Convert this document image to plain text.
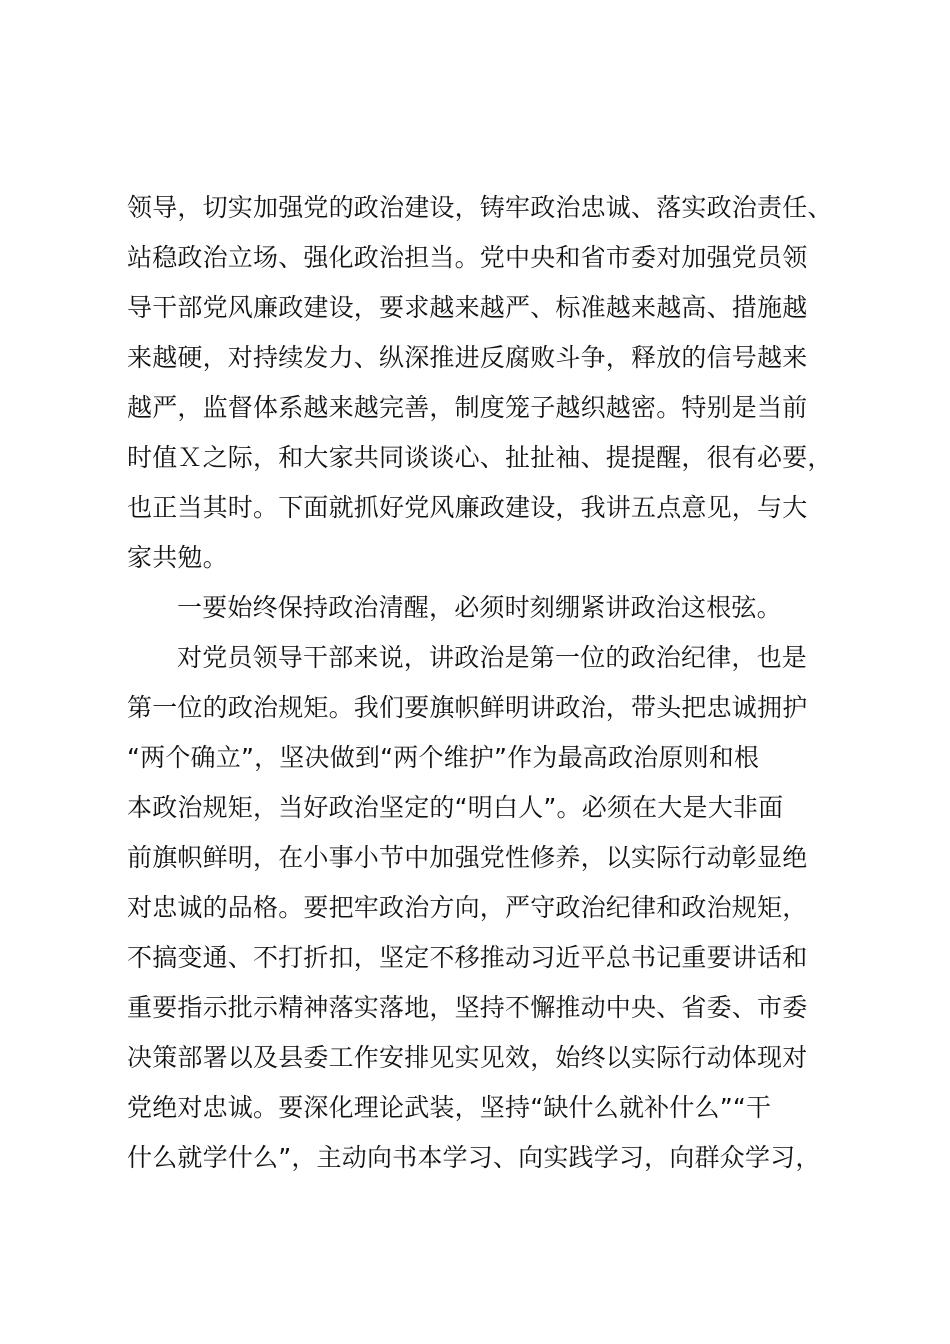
领导，切实加强党的政治建设，铸牢政治忠诚、落实政治责任、
站稳政治立场、强化政治担当。党中央和省市委对加强党员领
导干部党风廉政建设，要求越来越严、标准越来越高、措施越
来越硬，对持续发力、纵深推进反腐败斗争，释放的信号越来
越严，监督体系越来越完善，制度笼子越织越密。特别是当前
时值Ｘ之际，和大家共同谈谈心、扯扯袖、提提醒，很有必要，
也正当其时。下面就抓好党风廉政建设，我讲五点意见，与大
家共勉。
一要始终保持政治清醒，必须时刻绷紧讲政治这根弦。
对党员领导干部来说，讲政治是第一位的政治纪律，也是
第一位的政治规矩。我们要旗帜鲜明讲政治，带头把忠诚拥护
“两个确立”，坚决做到“两个维护”作为最高政治原则和根
本政治规矩，当好政治坚定的“明白人”。必须在大是大非面
前旗帜鲜明，在小事小节中加强党性修养，以实际行动彰显绝
对忠诚的品格。要把牢政治方向，严守政治纪律和政治规矩，
不搞变通、不打折扣，坚定不移推动习近平总书记重要讲话和
重要指示批示精神落实落地，坚持不懈推动中央、省委、市委
决策部署以及县委工作安排见实见效，始终以实际行动体现对
党绝对忠诚。要深化理论武装，坚持“缺什么就补什么”“干
什么就学什么”，主动向书本学习、向实践学习，向群众学习，
